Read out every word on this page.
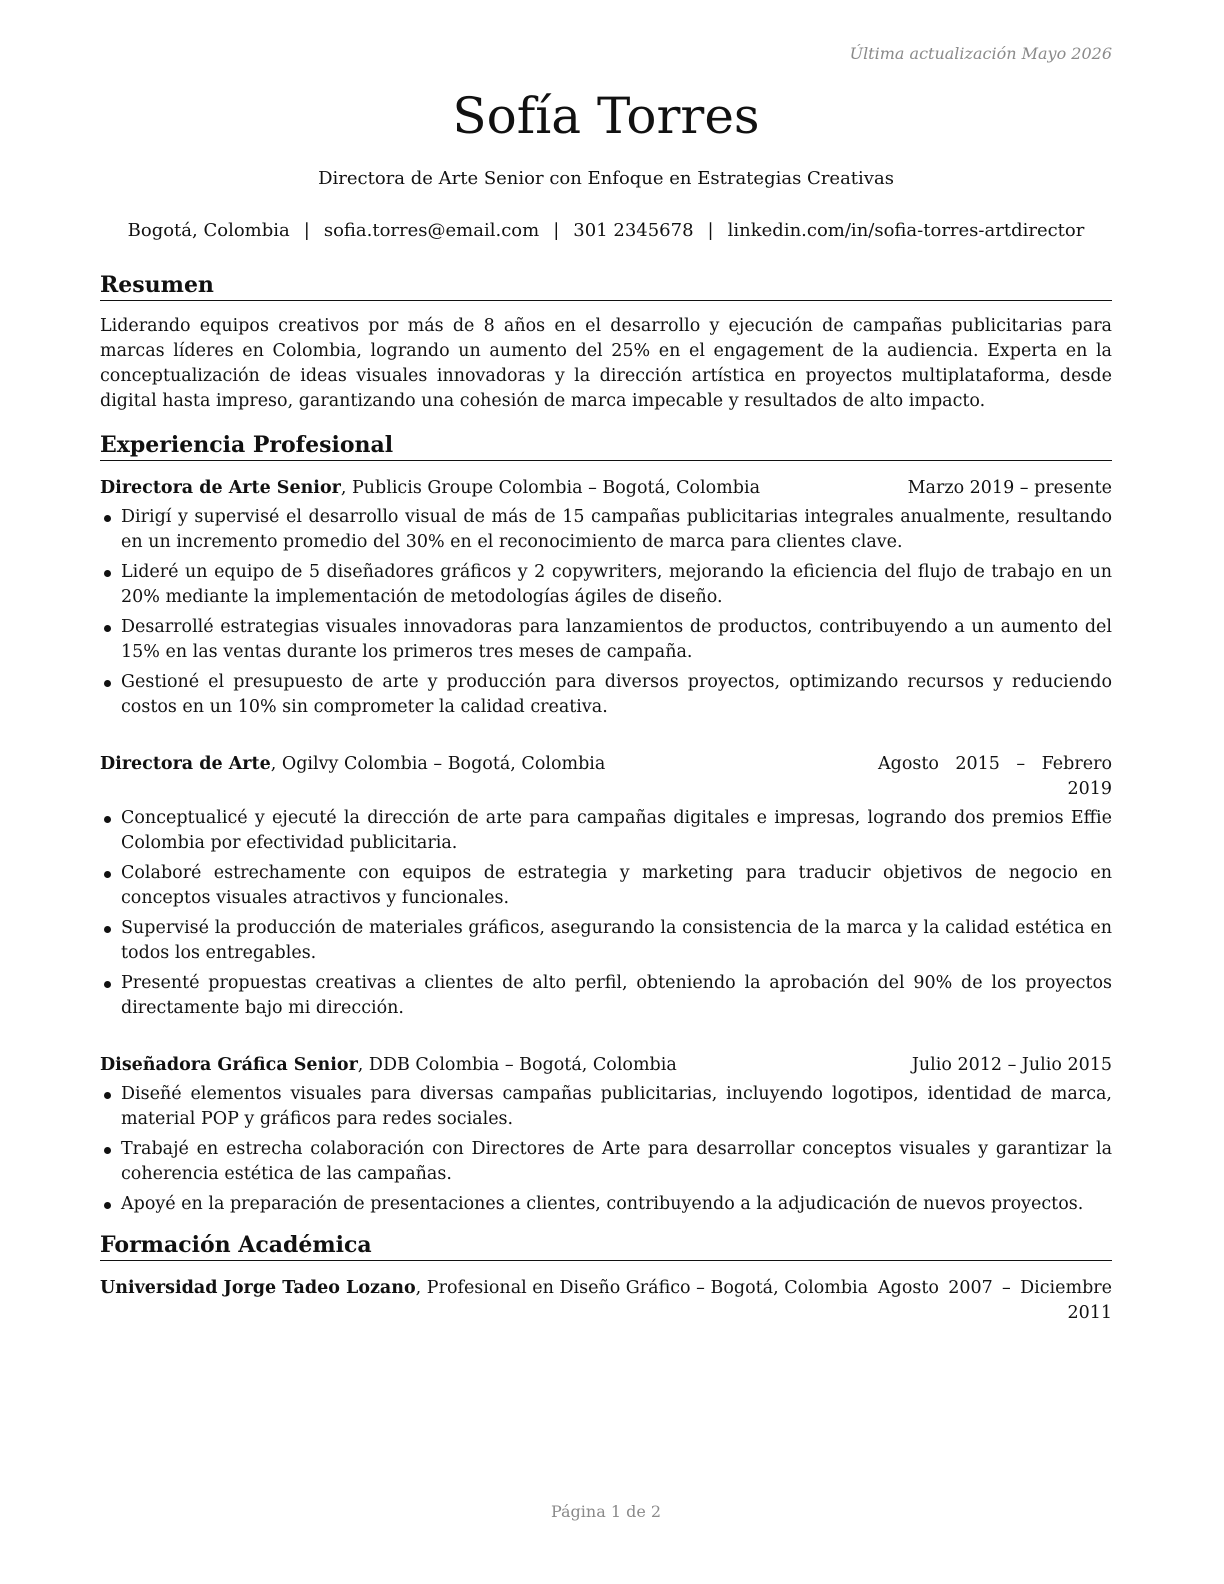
Última actualización Mayo 2026
Sofía Torres
Directora de Arte Senior con Enfoque en Estrategias Creativas
Bogotá, Colombia | sofia.torres@email.com | 301 2345678 | linkedin.com/in/sofia-torres-artdirector
Resumen

Liderando equipos creativos por más de 8 años en el desarrollo y ejecución de campañas publicitarias para marcas líderes en Colombia, logrando un aumento del 25% en el engagement de la audiencia. Experta en la conceptualización de ideas visuales innovadoras y la dirección artística en proyectos multiplataforma, desde digital hasta impreso, garantizando una cohesión de marca impecable y resultados de alto impacto.

Experiencia Profesional
Directora de Arte Senior, Publicis Groupe Colombia – Bogotá, Colombia	Marzo 2019 – presente
Dirigí y supervisé el desarrollo visual de más de 15 campañas publicitarias integrales anualmente, resultando en un incremento promedio del 30% en el reconocimiento de marca para clientes clave.
Lideré un equipo de 5 diseñadores gráficos y 2 copywriters, mejorando la eficiencia del flujo de trabajo en un 20% mediante la implementación de metodologías ágiles de diseño.
Desarrollé estrategias visuales innovadoras para lanzamientos de productos, contribuyendo a un aumento del 15% en las ventas durante los primeros tres meses de campaña.
Gestioné el presupuesto de arte y producción para diversos proyectos, optimizando recursos y reduciendo costos en un 10% sin comprometer la calidad creativa.
Directora de Arte, Ogilvy Colombia – Bogotá, Colombia	Agosto 2015 – Febrero 2019
Conceptualicé y ejecuté la dirección de arte para campañas digitales e impresas, logrando dos premios Effie Colombia por efectividad publicitaria.
Colaboré estrechamente con equipos de estrategia y marketing para traducir objetivos de negocio en conceptos visuales atractivos y funcionales.
Supervisé la producción de materiales gráficos, asegurando la consistencia de la marca y la calidad estética en todos los entregables.
Presenté propuestas creativas a clientes de alto perfil, obteniendo la aprobación del 90% de los proyectos directamente bajo mi dirección.
Diseñadora Gráfica Senior, DDB Colombia – Bogotá, Colombia	Julio 2012 – Julio 2015
Diseñé elementos visuales para diversas campañas publicitarias, incluyendo logotipos, identidad de marca, material POP y gráficos para redes sociales.
Trabajé en estrecha colaboración con Directores de Arte para desarrollar conceptos visuales y garantizar la coherencia estética de las campañas.
Apoyé en la preparación de presentaciones a clientes, contribuyendo a la adjudicación de nuevos proyectos.
Formación Académica
Universidad Jorge Tadeo Lozano, Profesional en Diseño Gráfico – Bogotá, Colombia Agosto 2007 – Diciembre 2011
Página 1 de 2
